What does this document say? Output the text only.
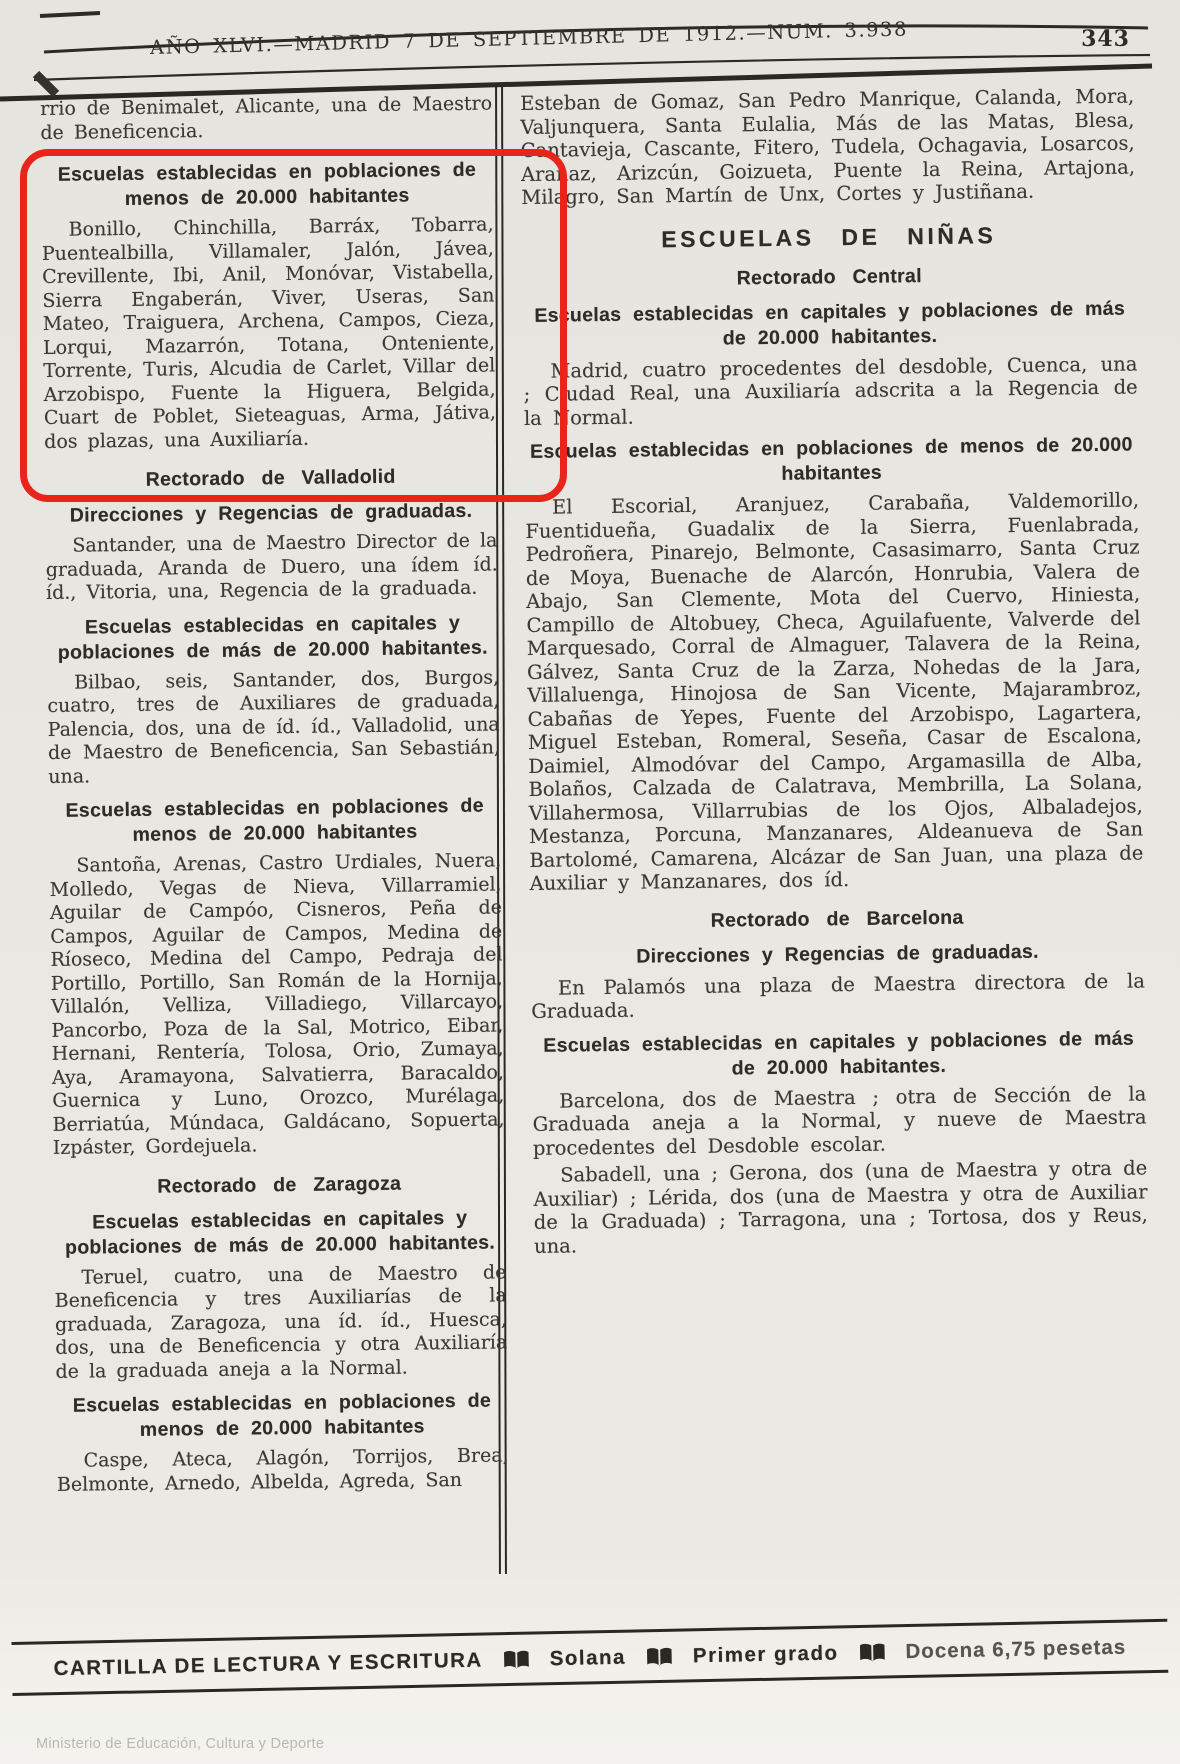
AÑO XLVI.—MADRID 7 DE SEPTIEMBRE DE 1912.—NUM. 3.938	343

rrio de Benimalet, Alicante, una de Maestro de Beneficencia.

Escuelas establecidas en poblaciones de menos de 20.000 habitantes

Bonillo, Chinchilla, Barráx, Tobarra, Puentealbilla, Villamaler, Jalón, Jávea, Crevillente, Ibi, Anil, Monóvar, Vistabella, Sierra Engaberán, Viver, Useras, San Mateo, Traiguera, Archena, Campos, Cieza, Lorqui, Mazarrón, Totana, Onteniente, Torrente, Turis, Alcudia de Carlet, Villar del Arzobispo, Fuente la Higuera, Belgida, Cuart de Poblet, Sieteaguas, Arma, Játiva, dos plazas, una Auxiliaría.

Rectorado de Valladolid
Direcciones y Regencias de graduadas.

Santander, una de Maestro Director de la graduada, Aranda de Duero, una ídem íd. íd., Vitoria, una, Regencia de la graduada.

Escuelas establecidas en capitales y poblaciones de más de 20.000 habitantes.

Bilbao, seis, Santander, dos, Burgos, cuatro, tres de Auxiliares de graduada, Palencia, dos, una de íd. íd., Valladolid, una de Maestro de Beneficencia, San Sebastián, una.

Escuelas establecidas en poblaciones de menos de 20.000 habitantes

Santoña, Arenas, Castro Urdiales, Nuera, Molledo, Vegas de Nieva, Villarramiel, Aguilar de Campóo, Cisneros, Peña de Campos, Aguilar de Campos, Medina de Ríoseco, Medina del Campo, Pedraja del Portillo, Portillo, San Román de la Hornija, Villalón, Velliza, Villadiego, Villarcayo, Pancorbo, Poza de la Sal, Motrico, Eibar, Hernani, Rentería, Tolosa, Orio, Zumaya, Aya, Aramayona, Salvatierra, Baracaldo, Guernica y Luno, Orozco, Murélaga, Berriatúa, Múndaca, Galdácano, Sopuerta, Izpáster, Gordejuela.

Rectorado de Zaragoza
Escuelas establecidas en capitales y poblaciones de más de 20.000 habitantes.

Teruel, cuatro, una de Maestro de Beneficencia y tres Auxiliarías de la graduada, Zaragoza, una íd. íd., Huesca, dos, una de Beneficencia y otra Auxiliaría de la graduada aneja a la Normal.

Escuelas establecidas en poblaciones de menos de 20.000 habitantes

Caspe, Ateca, Alagón, Torrijos, Brea, Belmonte, Arnedo, Albelda, Agreda, San

Esteban de Gomaz, San Pedro Manrique, Calanda, Mora, Valjunquera, Santa Eulalia, Más de las Matas, Blesa, Cantavieja, Cascante, Fitero, Tudela, Ochagavia, Losarcos, Aranaz, Arizcún, Goizueta, Puente la Reina, Artajona, Milagro, San Martín de Unx, Cortes y Justiñana.

ESCUELAS DE NIÑAS
Rectorado Central
Escuelas establecidas en capitales y poblaciones de más de 20.000 habitantes.

Madrid, cuatro procedentes del desdoble, Cuenca, una ; Ciudad Real, una Auxiliaría adscrita a la Regencia de la Normal.

Escuelas establecidas en poblaciones de menos de 20.000 habitantes

El Escorial, Aranjuez, Carabaña, Valdemorillo, Fuentidueña, Guadalix de la Sierra, Fuenlabrada, Pedroñera, Pinarejo, Belmonte, Casasimarro, Santa Cruz de Moya, Buenache de Alarcón, Honrubia, Valera de Abajo, San Clemente, Mota del Cuervo, Hiniesta, Campillo de Altobuey, Checa, Aguilafuente, Valverde del Marquesado, Corral de Almaguer, Talavera de la Reina, Gálvez, Santa Cruz de la Zarza, Nohedas de la Jara, Villaluenga, Hinojosa de San Vicente, Majarambroz, Cabañas de Yepes, Fuente del Arzobispo, Lagartera, Miguel Esteban, Romeral, Seseña, Casar de Escalona, Daimiel, Almodóvar del Campo, Argamasilla de Alba, Bolaños, Calzada de Calatrava, Membrilla, La Solana, Villahermosa, Villarrubias de los Ojos, Albaladejos, Mestanza, Porcuna, Manzanares, Aldeanueva de San Bartolomé, Camarena, Alcázar de San Juan, una plaza de Auxiliar y Manzanares, dos íd.

Rectorado de Barcelona
Direcciones y Regencias de graduadas.

En Palamós una plaza de Maestra directora de la Graduada.

Escuelas establecidas en capitales y poblaciones de más de 20.000 habitantes.

Barcelona, dos de Maestra ; otra de Sección de la Graduada aneja a la Normal, y nueve de Maestra procedentes del Desdoble escolar.

Sabadell, una ; Gerona, dos (una de Maestra y otra de Auxiliar) ; Lérida, dos (una de Maestra y otra de Auxiliar de la Graduada) ; Tarragona, una ; Tortosa, dos y Reus, una.

CARTILLA DE LECTURA Y ESCRITURA	Solana	Primer grado	Docena 6,75 pesetas
Ministerio de Educación, Cultura y Deporte
